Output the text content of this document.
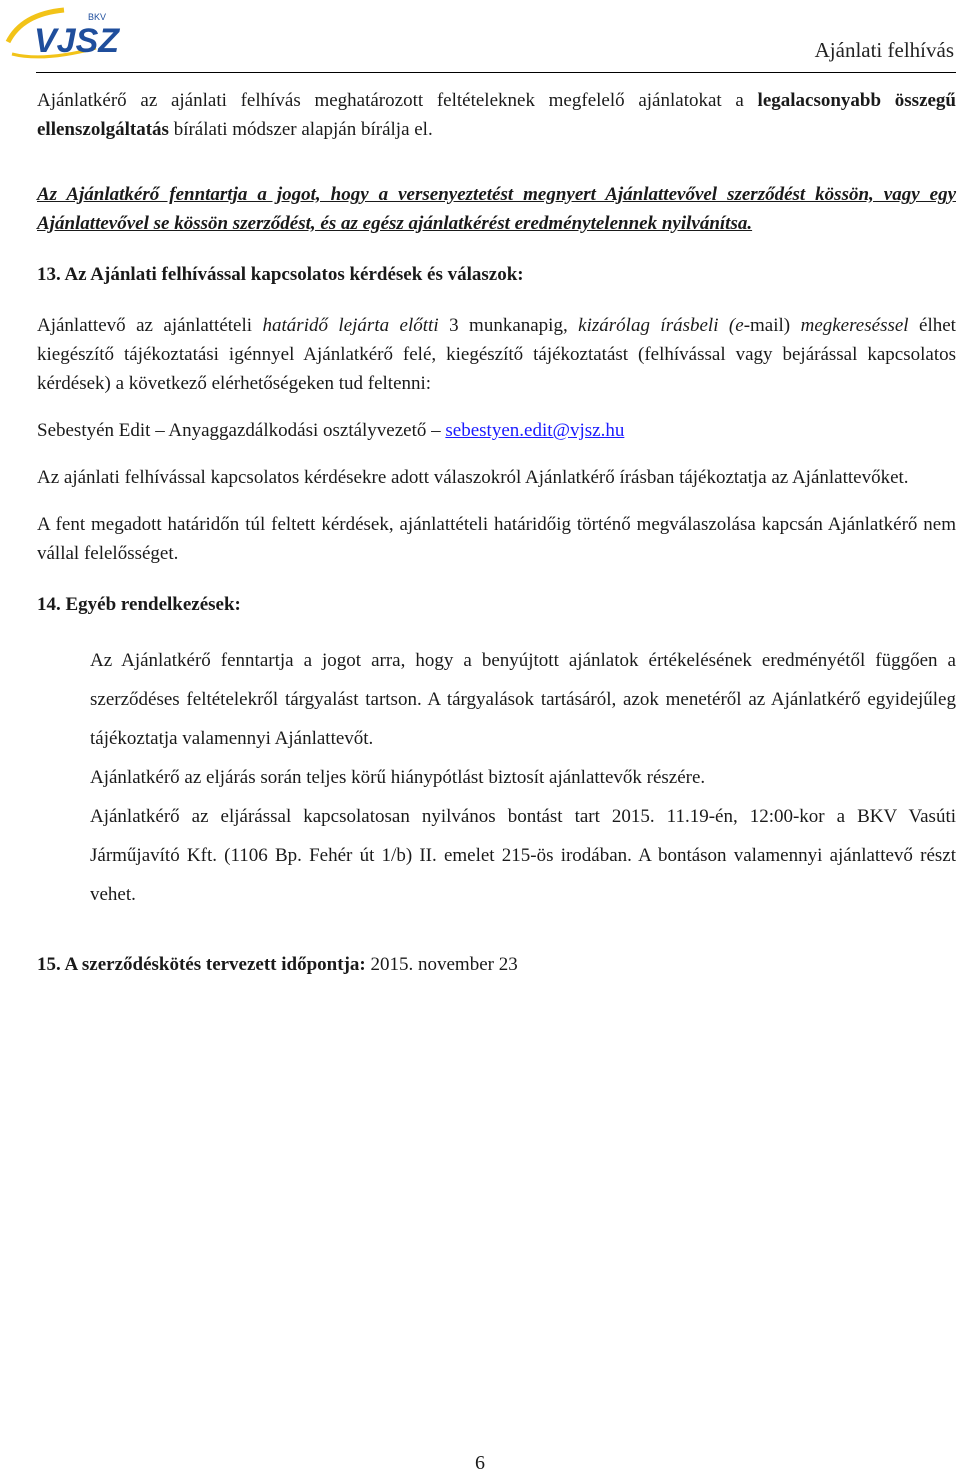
VJSZ
BKV
Ajánlati felhívás

Ajánlatkérő az ajánlati felhívás meghatározott feltételeknek megfelelő ajánlatokat a legalacsonyabb összegű ellenszolgáltatás bírálati módszer alapján bírálja el.

Az Ajánlatkérő fenntartja a jogot, hogy a versenyeztetést megnyert Ajánlattevővel szerződést kössön, vagy egy Ajánlattevővel se kössön szerződést, és az egész ajánlatkérést eredménytelennek nyilvánítsa.

13. Az Ajánlati felhívással kapcsolatos kérdések és válaszok:

Ajánlattevő az ajánlattételi határidő lejárta előtti 3 munkanapig, kizárólag írásbeli (e-mail) megkereséssel élhet kiegészítő tájékoztatási igénnyel Ajánlatkérő felé, kiegészítő tájékoztatást (felhívással vagy bejárással kapcsolatos kérdések) a következő elérhetőségeken tud feltenni:

Sebestyén Edit – Anyaggazdálkodási osztályvezető – sebestyen.edit@vjsz.hu

Az ajánlati felhívással kapcsolatos kérdésekre adott válaszokról Ajánlatkérő írásban tájékoztatja az Ajánlattevőket.

A fent megadott határidőn túl feltett kérdések, ajánlattételi határidőig történő megválaszolása kapcsán Ajánlatkérő nem vállal felelősséget.

14. Egyéb rendelkezések:

Az Ajánlatkérő fenntartja a jogot arra, hogy a benyújtott ajánlatok értékelésének eredményétől függően a szerződéses feltételekről tárgyalást tartson. A tárgyalások tartásáról, azok menetéről az Ajánlatkérő egyidejűleg tájékoztatja valamennyi Ajánlattevőt.

Ajánlatkérő az eljárás során teljes körű hiánypótlást biztosít ajánlattevők részére.

Ajánlatkérő az eljárással kapcsolatosan nyilvános bontást tart 2015. 11.19-én, 12:00-kor a BKV Vasúti Járműjavító Kft. (1106 Bp. Fehér út 1/b) II. emelet 215-ös irodában. A bontáson valamennyi ajánlattevő részt vehet.

15. A szerződéskötés tervezett időpontja: 2015. november 23

6
